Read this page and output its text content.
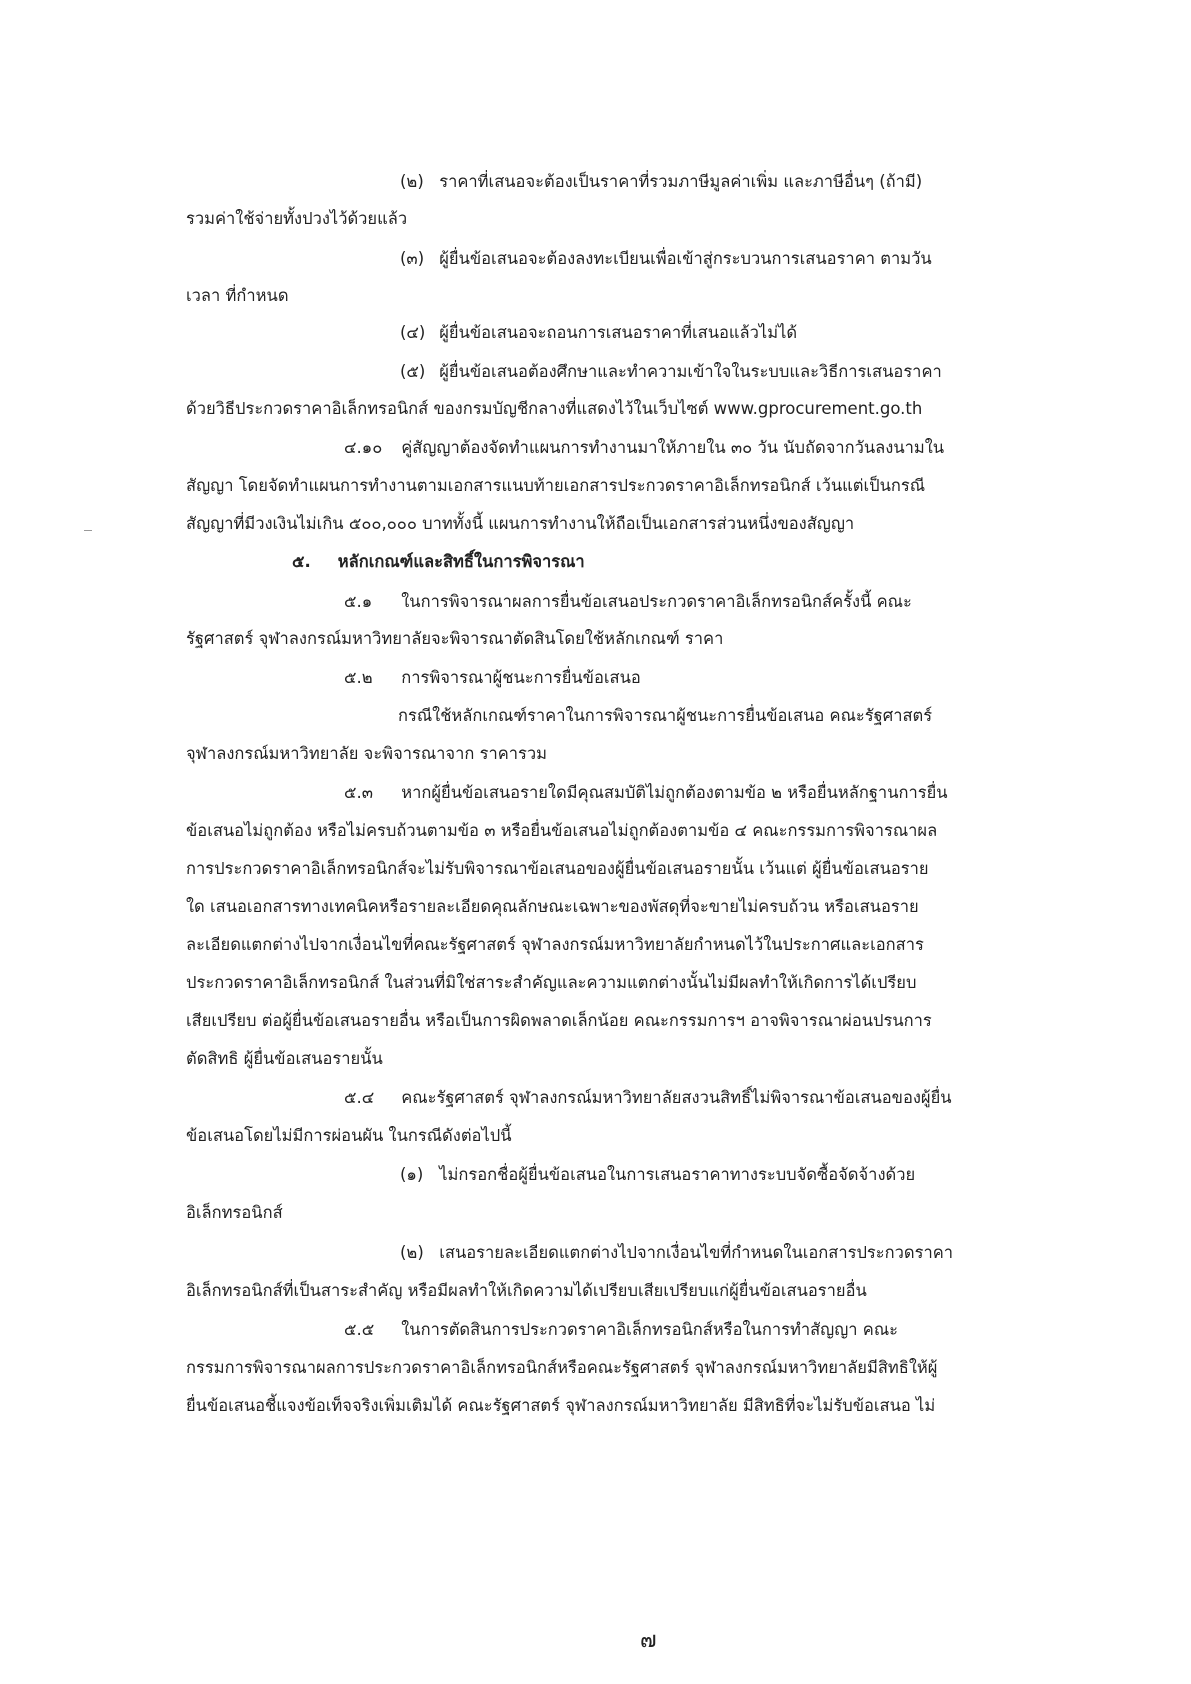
(๒) ราคาที่เสนอจะต้องเป็นราคาที่รวมภาษีมูลค่าเพิ่ม และภาษีอื่นๆ (ถ้ามี)
รวมค่าใช้จ่ายทั้งปวงไว้ด้วยแล้ว
(๓) ผู้ยื่นข้อเสนอจะต้องลงทะเบียนเพื่อเข้าสู่กระบวนการเสนอราคา ตามวัน
เวลา ที่กำหนด
(๔) ผู้ยื่นข้อเสนอจะถอนการเสนอราคาที่เสนอแล้วไม่ได้
(๕) ผู้ยื่นข้อเสนอต้องศึกษาและทำความเข้าใจในระบบและวิธีการเสนอราคา
ด้วยวิธีประกวดราคาอิเล็กทรอนิกส์ ของกรมบัญชีกลางที่แสดงไว้ในเว็บไซต์ www.gprocurement.go.th
๔.๑๐ คู่สัญญาต้องจัดทำแผนการทำงานมาให้ภายใน ๓๐ วัน นับถัดจากวันลงนามใน
สัญญา โดยจัดทำแผนการทำงานตามเอกสารแนบท้ายเอกสารประกวดราคาอิเล็กทรอนิกส์ เว้นแต่เป็นกรณี
สัญญาที่มีวงเงินไม่เกิน ๕๐๐,๐๐๐ บาททั้งนี้ แผนการทำงานให้ถือเป็นเอกสารส่วนหนึ่งของสัญญา
๕. หลักเกณฑ์และสิทธิ์ในการพิจารณา
๕.๑ ในการพิจารณาผลการยื่นข้อเสนอประกวดราคาอิเล็กทรอนิกส์ครั้งนี้ คณะ
รัฐศาสตร์ จุฬาลงกรณ์มหาวิทยาลัยจะพิจารณาตัดสินโดยใช้หลักเกณฑ์ ราคา
๕.๒ การพิจารณาผู้ชนะการยื่นข้อเสนอ
กรณีใช้หลักเกณฑ์ราคาในการพิจารณาผู้ชนะการยื่นข้อเสนอ คณะรัฐศาสตร์
จุฬาลงกรณ์มหาวิทยาลัย จะพิจารณาจาก ราคารวม
๕.๓ หากผู้ยื่นข้อเสนอรายใดมีคุณสมบัติไม่ถูกต้องตามข้อ ๒ หรือยื่นหลักฐานการยื่น
ข้อเสนอไม่ถูกต้อง หรือไม่ครบถ้วนตามข้อ ๓ หรือยื่นข้อเสนอไม่ถูกต้องตามข้อ ๔ คณะกรรมการพิจารณาผล
การประกวดราคาอิเล็กทรอนิกส์จะไม่รับพิจารณาข้อเสนอของผู้ยื่นข้อเสนอรายนั้น เว้นแต่ ผู้ยื่นข้อเสนอราย
ใด เสนอเอกสารทางเทคนิคหรือรายละเอียดคุณลักษณะเฉพาะของพัสดุที่จะขายไม่ครบถ้วน หรือเสนอราย
ละเอียดแตกต่างไปจากเงื่อนไขที่คณะรัฐศาสตร์ จุฬาลงกรณ์มหาวิทยาลัยกำหนดไว้ในประกาศและเอกสาร
ประกวดราคาอิเล็กทรอนิกส์ ในส่วนที่มิใช่สาระสำคัญและความแตกต่างนั้นไม่มีผลทำให้เกิดการได้เปรียบ
เสียเปรียบ ต่อผู้ยื่นข้อเสนอรายอื่น หรือเป็นการผิดพลาดเล็กน้อย คณะกรรมการฯ อาจพิจารณาผ่อนปรนการ
ตัดสิทธิ ผู้ยื่นข้อเสนอรายนั้น
๕.๔ คณะรัฐศาสตร์ จุฬาลงกรณ์มหาวิทยาลัยสงวนสิทธิ์ไม่พิจารณาข้อเสนอของผู้ยื่น
ข้อเสนอโดยไม่มีการผ่อนผัน ในกรณีดังต่อไปนี้
(๑) ไม่กรอกชื่อผู้ยื่นข้อเสนอในการเสนอราคาทางระบบจัดซื้อจัดจ้างด้วย
อิเล็กทรอนิกส์
(๒) เสนอรายละเอียดแตกต่างไปจากเงื่อนไขที่กำหนดในเอกสารประกวดราคา
อิเล็กทรอนิกส์ที่เป็นสาระสำคัญ หรือมีผลทำให้เกิดความได้เปรียบเสียเปรียบแก่ผู้ยื่นข้อเสนอรายอื่น
๕.๕ ในการตัดสินการประกวดราคาอิเล็กทรอนิกส์หรือในการทำสัญญา คณะ
กรรมการพิจารณาผลการประกวดราคาอิเล็กทรอนิกส์หรือคณะรัฐศาสตร์ จุฬาลงกรณ์มหาวิทยาลัยมีสิทธิให้ผู้
ยื่นข้อเสนอชี้แจงข้อเท็จจริงเพิ่มเติมได้ คณะรัฐศาสตร์ จุฬาลงกรณ์มหาวิทยาลัย มีสิทธิที่จะไม่รับข้อเสนอ ไม่
๗
